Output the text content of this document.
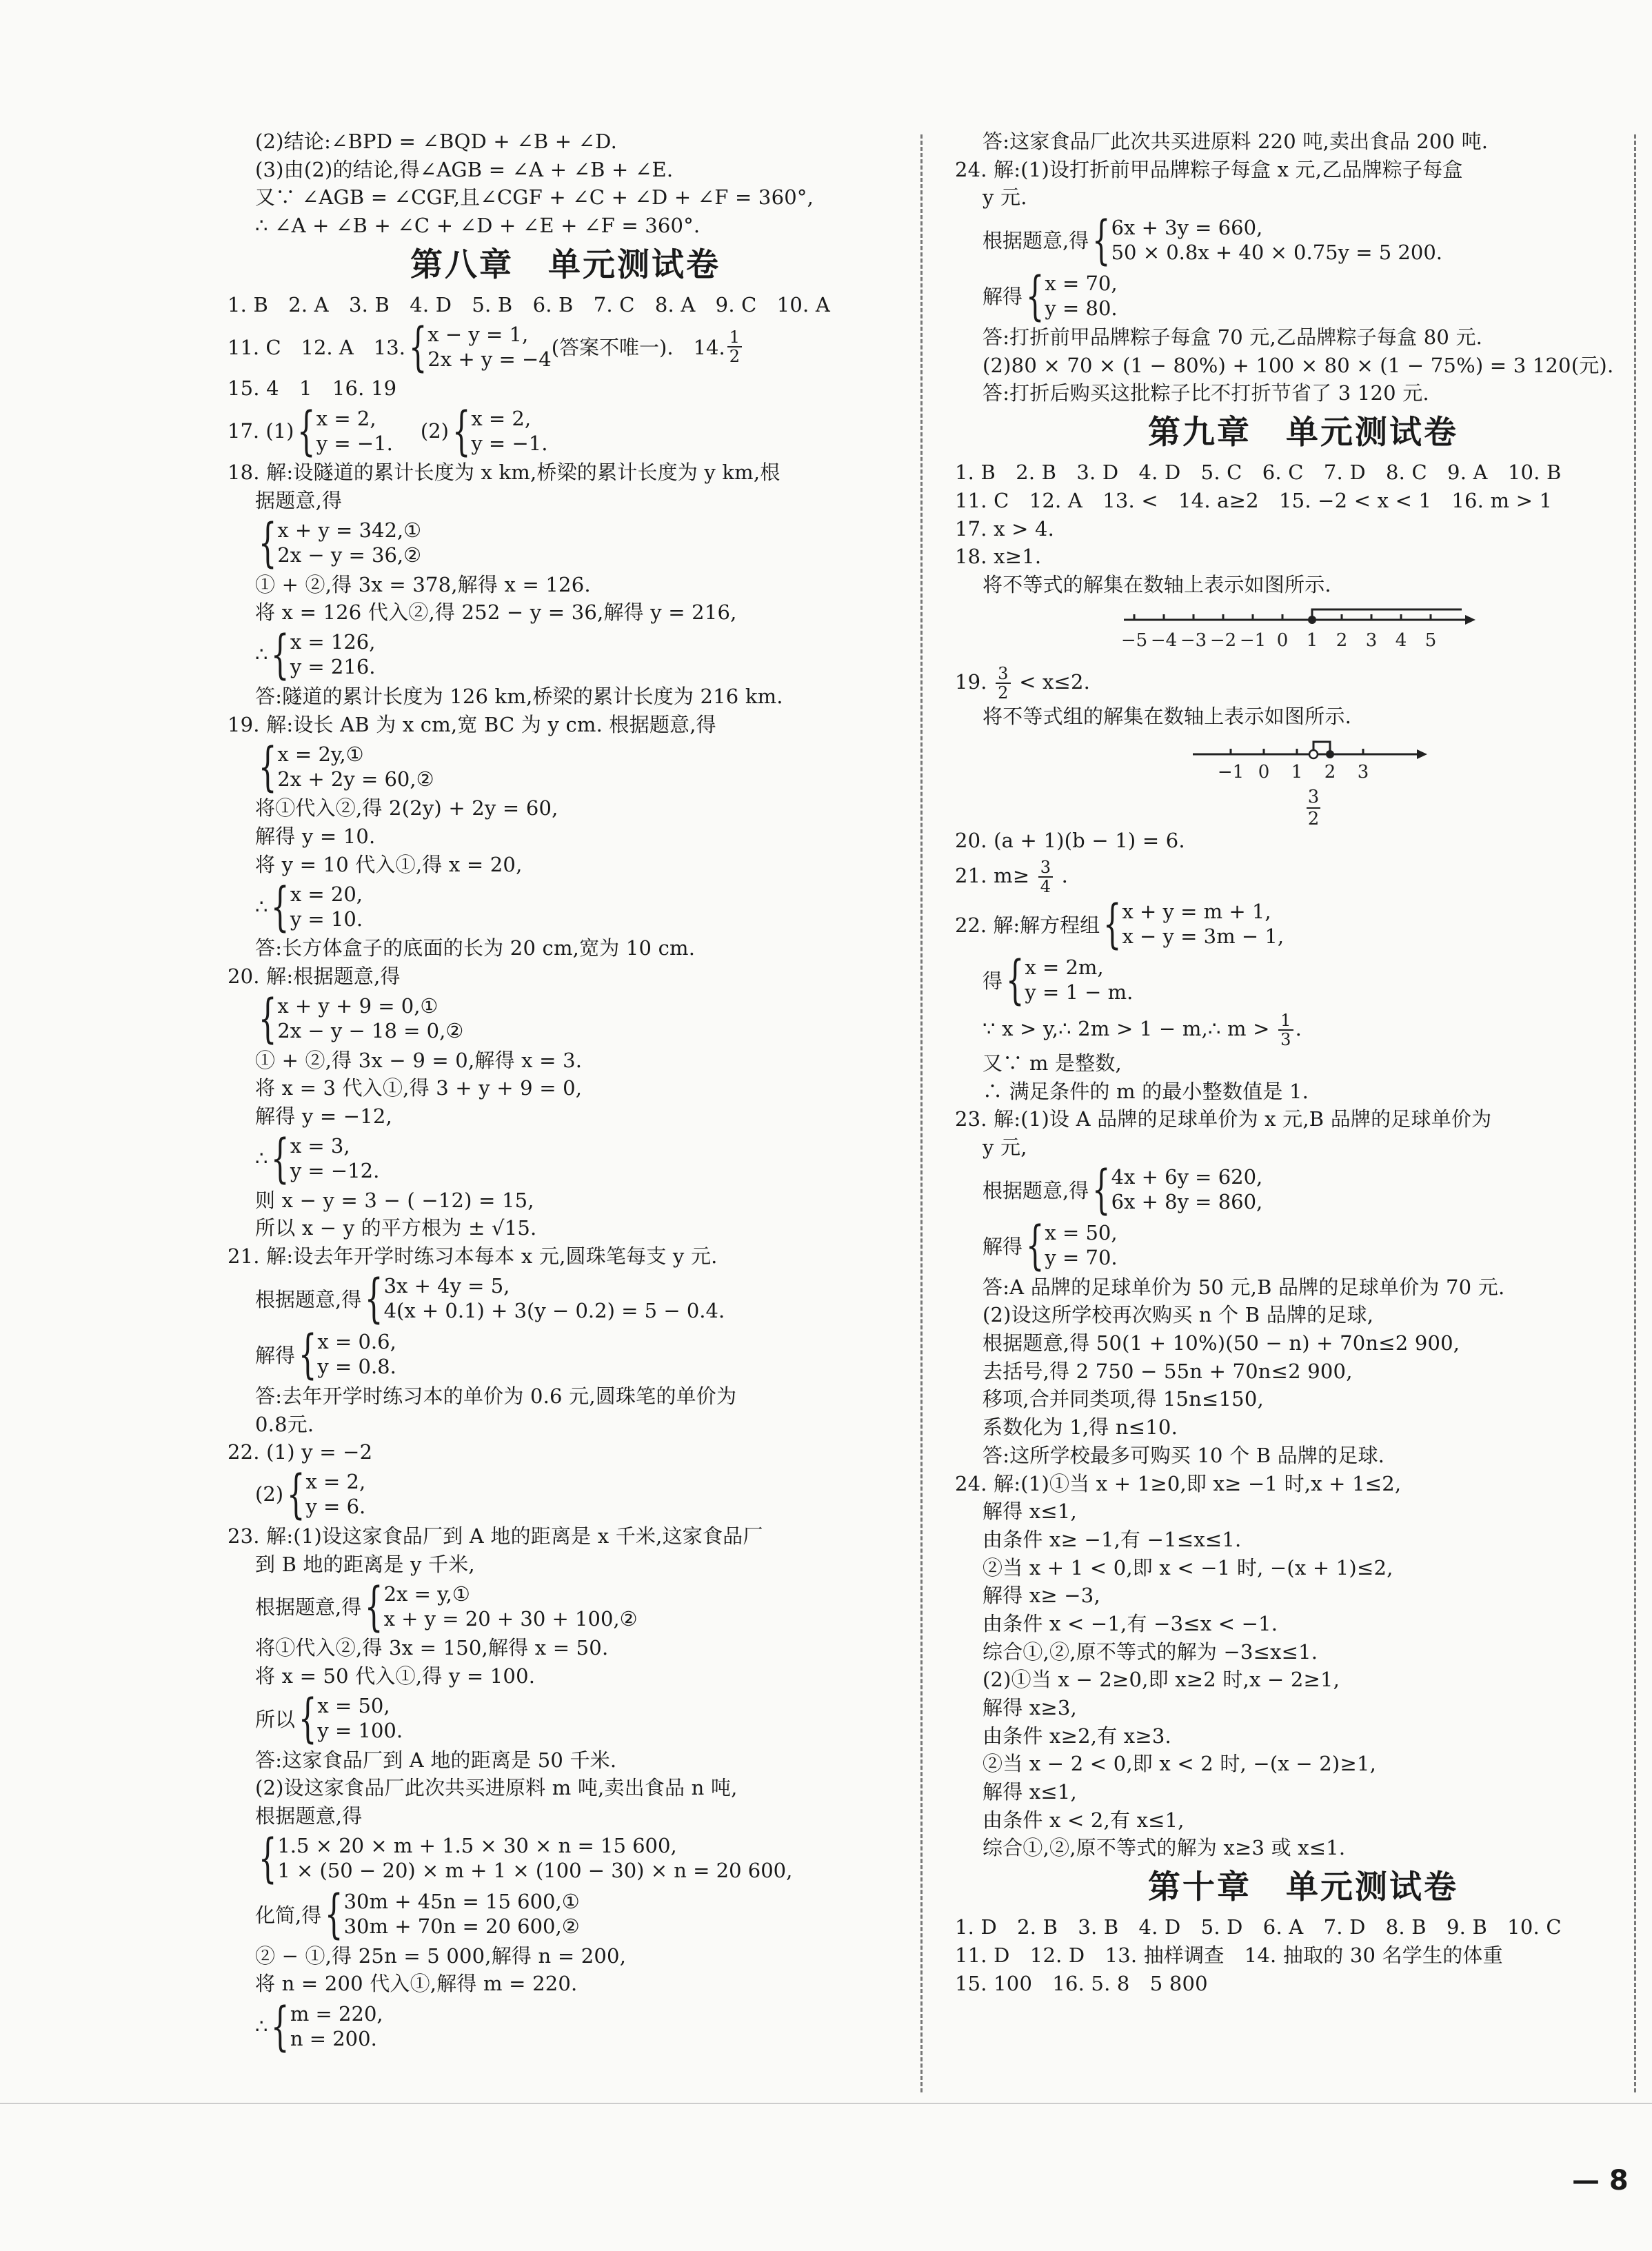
(2)结论:∠BPD = ∠BQD + ∠B + ∠D.
(3)由(2)的结论,得∠AGB = ∠A + ∠B + ∠E.
又∵ ∠AGB = ∠CGF,且∠CGF + ∠C + ∠D + ∠F = 360°,
∴ ∠A + ∠B + ∠C + ∠D + ∠E + ∠F = 360°.
第八章　单元测试卷
1. B　2. A　3. B　4. D　5. B　6. B　7. C　8. A　9. C　10. A
11. C　12. A　13. { x − y = 1,
2x + y = −4 (答案不唯一).　14. $\frac{1}{2}$
15. 4　1　16. 19
17. (1) { x = 2,
y = −1.
(2) { x = 2,
y = −1.
18. 解:设隧道的累计长度为 x km,桥梁的累计长度为 y km,根
据题意,得
{ x + y = 342,①
2x − y = 36,②
① + ②,得 3x = 378,解得 x = 126.
将 x = 126 代入②,得 252 − y = 36,解得 y = 216,
∴ { x = 126,
y = 216.
答:隧道的累计长度为 126 km,桥梁的累计长度为 216 km.
19. 解:设长 AB 为 x cm,宽 BC 为 y cm. 根据题意,得
{ x = 2y,①
2x + 2y = 60,②
将①代入②,得 2(2y) + 2y = 60,
解得 y = 10.
将 y = 10 代入①,得 x = 20,
∴ { x = 20,
y = 10.
答:长方体盒子的底面的长为 20 cm,宽为 10 cm.
20. 解:根据题意,得
{ x + y + 9 = 0,①
2x − y − 18 = 0,②
① + ②,得 3x − 9 = 0,解得 x = 3.
将 x = 3 代入①,得 3 + y + 9 = 0,
解得 y = −12,
∴ { x = 3,
y = −12.
则 x − y = 3 − ( −12) = 15,
所以 x − y 的平方根为 ± √15.
21. 解:设去年开学时练习本每本 x 元,圆珠笔每支 y 元.
根据题意,得 { 3x + 4y = 5,
4(x + 0.1) + 3(y − 0.2) = 5 − 0.4.
解得 { x = 0.6,
y = 0.8.
答:去年开学时练习本的单价为 0.6 元,圆珠笔的单价为
0.8元.
22. (1) y = −2
(2) { x = 2,
y = 6.
23. 解:(1)设这家食品厂到 A 地的距离是 x 千米,这家食品厂
到 B 地的距离是 y 千米,
根据题意,得 { 2x = y,①
x + y = 20 + 30 + 100,②
将①代入②,得 3x = 150,解得 x = 50.
将 x = 50 代入①,得 y = 100.
所以 { x = 50,
y = 100.
答:这家食品厂到 A 地的距离是 50 千米.
(2)设这家食品厂此次共买进原料 m 吨,卖出食品 n 吨,
根据题意,得
{ 1.5 × 20 × m + 1.5 × 30 × n = 15 600,
1 × (50 − 20) × m + 1 × (100 − 30) × n = 20 600,
化简,得 { 30m + 45n = 15 600,①
30m + 70n = 20 600,②
② − ①,得 25n = 5 000,解得 n = 200,
将 n = 200 代入①,解得 m = 220.
∴ { m = 220,
n = 200.
答:这家食品厂此次共买进原料 220 吨,卖出食品 200 吨.
24. 解:(1)设打折前甲品牌粽子每盒 x 元,乙品牌粽子每盒
y 元.
根据题意,得 { 6x + 3y = 660,
50 × 0.8x + 40 × 0.75y = 5 200.
解得 { x = 70,
y = 80.
答:打折前甲品牌粽子每盒 70 元,乙品牌粽子每盒 80 元.
(2)80 × 70 × (1 − 80%) + 100 × 80 × (1 − 75%) = 3 120(元).
答:打折后购买这批粽子比不打折节省了 3 120 元.
第九章　单元测试卷
1. B　2. B　3. D　4. D　5. C　6. C　7. D　8. C　9. A　10. B
11. C　12. A　13. <　14. a≥2　15. −2 < x < 1　16. m > 1
17. x > 4.
18. x≥1.
将不等式的解集在数轴上表示如图所示.
−5 −4 −3 −2 −1 0 1 2 3 4 5
19. $\frac{3}{2} < x\le 2$.
将不等式组的解集在数轴上表示如图所示.
−1 0 1 2 3
3
2
20. (a + 1)(b − 1) = 6.
21. $m\ge \frac{3}{4}$ .
22. 解:解方程组 { x + y = m + 1,
x − y = 3m − 1,
得 { x = 2m,
y = 1 − m.
∵ x > y,∴ 2m > 1 − m,∴ $m > \frac{1}{3}$ .
又∵ m 是整数,
∴ 满足条件的 m 的最小整数值是 1.
23. 解:(1)设 A 品牌的足球单价为 x 元,B 品牌的足球单价为
y 元,
根据题意,得 { 4x + 6y = 620,
6x + 8y = 860,
解得 { x = 50,
y = 70.
答:A 品牌的足球单价为 50 元,B 品牌的足球单价为 70 元.
(2)设这所学校再次购买 n 个 B 品牌的足球,
根据题意,得 50(1 + 10%)(50 − n) + 70n≤2 900,
去括号,得 2 750 − 55n + 70n≤2 900,
移项,合并同类项,得 15n≤150,
系数化为 1,得 n≤10.
答:这所学校最多可购买 10 个 B 品牌的足球.
24. 解:(1)①当 x + 1≥0,即 x≥ −1 时,x + 1≤2,
解得 x≤1,
由条件 x≥ −1,有 −1≤x≤1.
②当 x + 1 < 0,即 x < −1 时, −(x + 1)≤2,
解得 x≥ −3,
由条件 x < −1,有 −3≤x < −1.
综合①,②,原不等式的解为 −3≤x≤1.
(2)①当 x − 2≥0,即 x≥2 时,x − 2≥1,
解得 x≥3,
由条件 x≥2,有 x≥3.
②当 x − 2 < 0,即 x < 2 时, −(x − 2)≥1,
解得 x≤1,
由条件 x < 2,有 x≤1,
综合①,②,原不等式的解为 x≥3 或 x≤1.
第十章　单元测试卷
1. D　2. B　3. B　4. D　5. D　6. A　7. D　8. B　9. B　10. C
11. D　12. D　13. 抽样调查　14. 抽取的 30 名学生的体重
15. 100　16. 5. 8　5 800
— 8
